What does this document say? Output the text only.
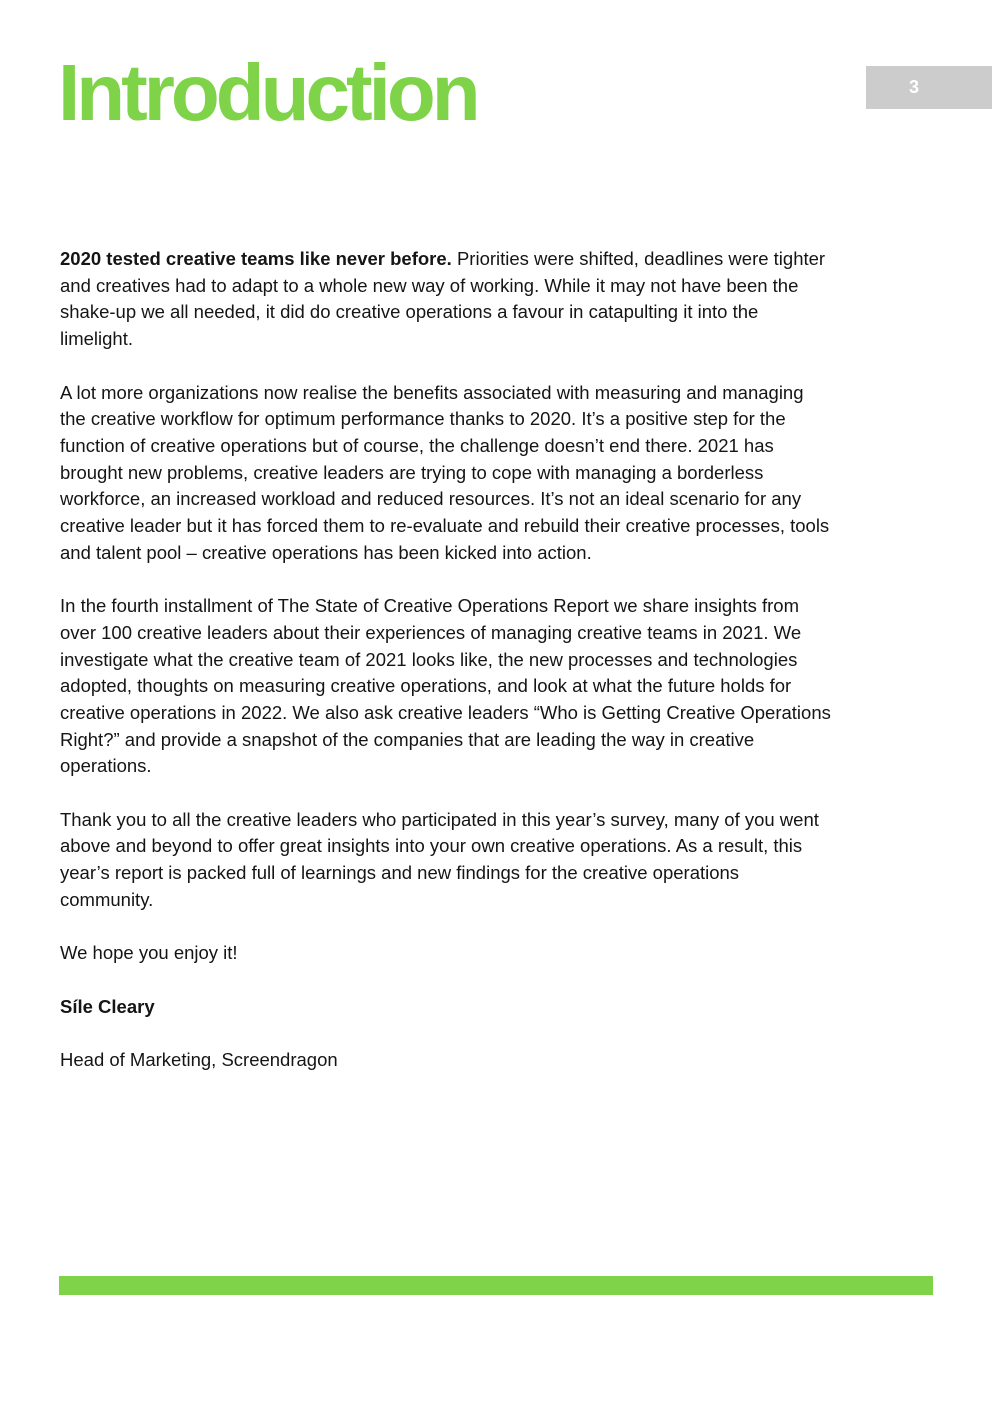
Introduction	3

2020 tested creative teams like never before. Priorities were shifted, deadlines were tighter and creatives had to adapt to a whole new way of working. While it may not have been the shake-up we all needed, it did do creative operations a favour in catapulting it into the limelight.

A lot more organizations now realise the benefits associated with measuring and managing the creative workflow for optimum performance thanks to 2020. It’s a positive step for the function of creative operations but of course, the challenge doesn’t end there. 2021 has brought new problems, creative leaders are trying to cope with managing a borderless workforce, an increased workload and reduced resources. It’s not an ideal scenario for any creative leader but it has forced them to re-evaluate and rebuild their creative processes, tools and talent pool – creative operations has been kicked into action.

In the fourth installment of The State of Creative Operations Report we share insights from over 100 creative leaders about their experiences of managing creative teams in 2021. We investigate what the creative team of 2021 looks like, the new processes and technologies adopted, thoughts on measuring creative operations, and look at what the future holds for creative operations in 2022. We also ask creative leaders “Who is Getting Creative Operations Right?” and provide a snapshot of the companies that are leading the way in creative operations.

Thank you to all the creative leaders who participated in this year’s survey, many of you went above and beyond to offer great insights into your own creative operations. As a result, this year’s report is packed full of learnings and new findings for the creative operations community.

We hope you enjoy it!

Síle Cleary

Head of Marketing, Screendragon
